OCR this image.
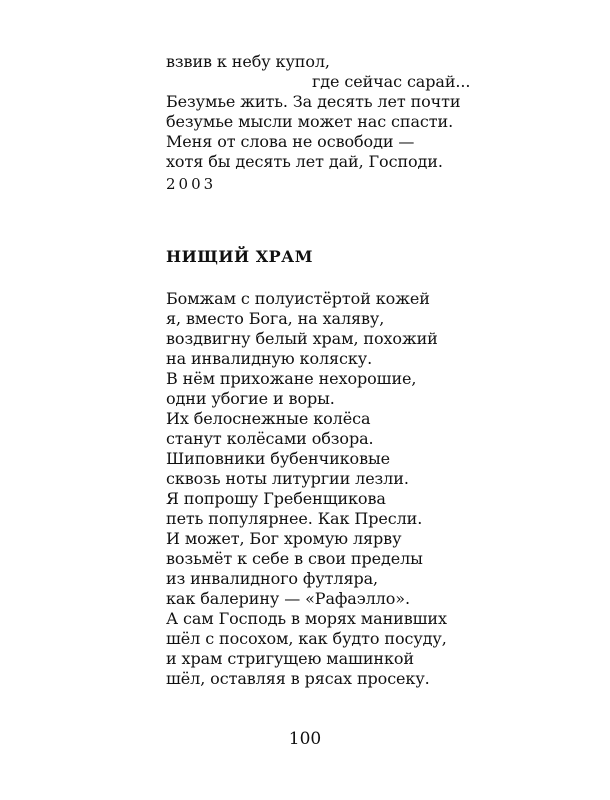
взвив к небу купол,
где сейчас сарай...
Безумье жить. За десять лет почти
безумье мысли может нас спасти.
Меня от слова не освободи —
хотя бы десять лет дай, Господи.
2003
НИЩИЙ ХРАМ
Бомжам с полуистёртой кожей
я, вместо Бога, на халяву,
воздвигну белый храм, похожий
на инвалидную коляску.
В нём прихожане нехорошие,
одни убогие и воры.
Их белоснежные колёса
станут колёсами обзора.
Шиповники бубенчиковые
сквозь ноты литургии лезли.
Я попрошу Гребенщикова
петь популярнее. Как Пресли.
И может, Бог хромую лярву
возьмёт к себе в свои пределы
из инвалидного футляра,
как балерину — «Рафаэлло».
А сам Господь в морях манивших
шёл с посохом, как будто посуду,
и храм стригущею машинкой
шёл, оставляя в рясах просеку.
100
